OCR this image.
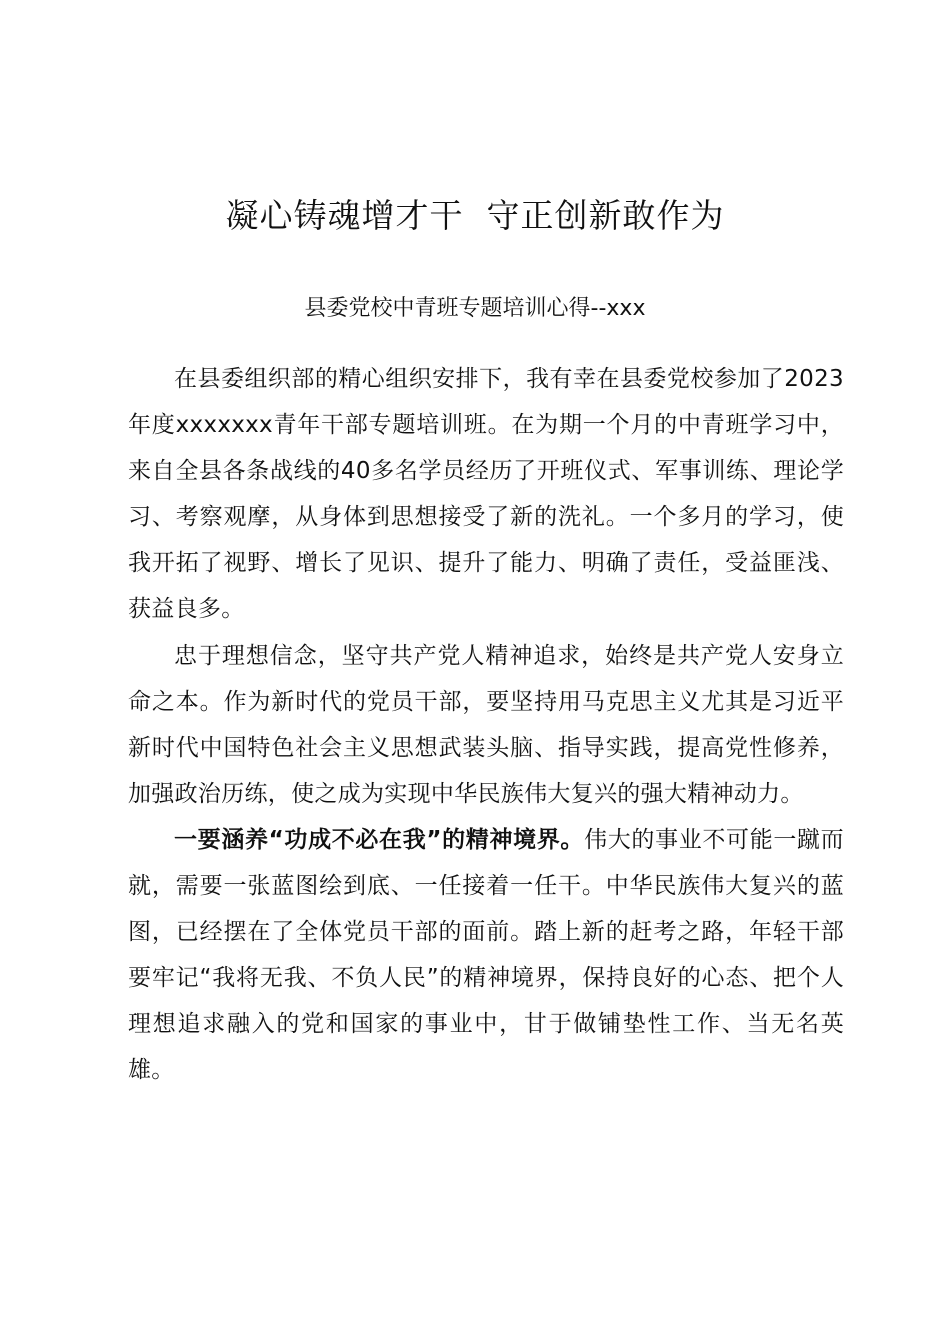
凝心铸魂增才干  守正创新敢作为
县委党校中青班专题培训心得--xxx

在县委组织部的精心组织安排下，我有幸在县委党校参加了2023年度xxxxxxx青年干部专题培训班。在为期一个月的中青班学习中，来自全县各条战线的40多名学员经历了开班仪式、军事训练、理论学习、考察观摩，从身体到思想接受了新的洗礼。一个多月的学习，使我开拓了视野、增长了见识、提升了能力、明确了责任，受益匪浅、获益良多。

忠于理想信念，坚守共产党人精神追求，始终是共产党人安身立命之本。作为新时代的党员干部，要坚持用马克思主义尤其是习近平新时代中国特色社会主义思想武装头脑、指导实践，提高党性修养，加强政治历练，使之成为实现中华民族伟大复兴的强大精神动力。

一要涵养“功成不必在我”的精神境界。伟大的事业不可能一蹴而就，需要一张蓝图绘到底、一任接着一任干。中华民族伟大复兴的蓝图，已经摆在了全体党员干部的面前。踏上新的赶考之路，年轻干部要牢记“我将无我、不负人民”的精神境界，保持良好的心态、把个人理想追求融入的党和国家的事业中，甘于做铺垫性工作、当无名英雄。
